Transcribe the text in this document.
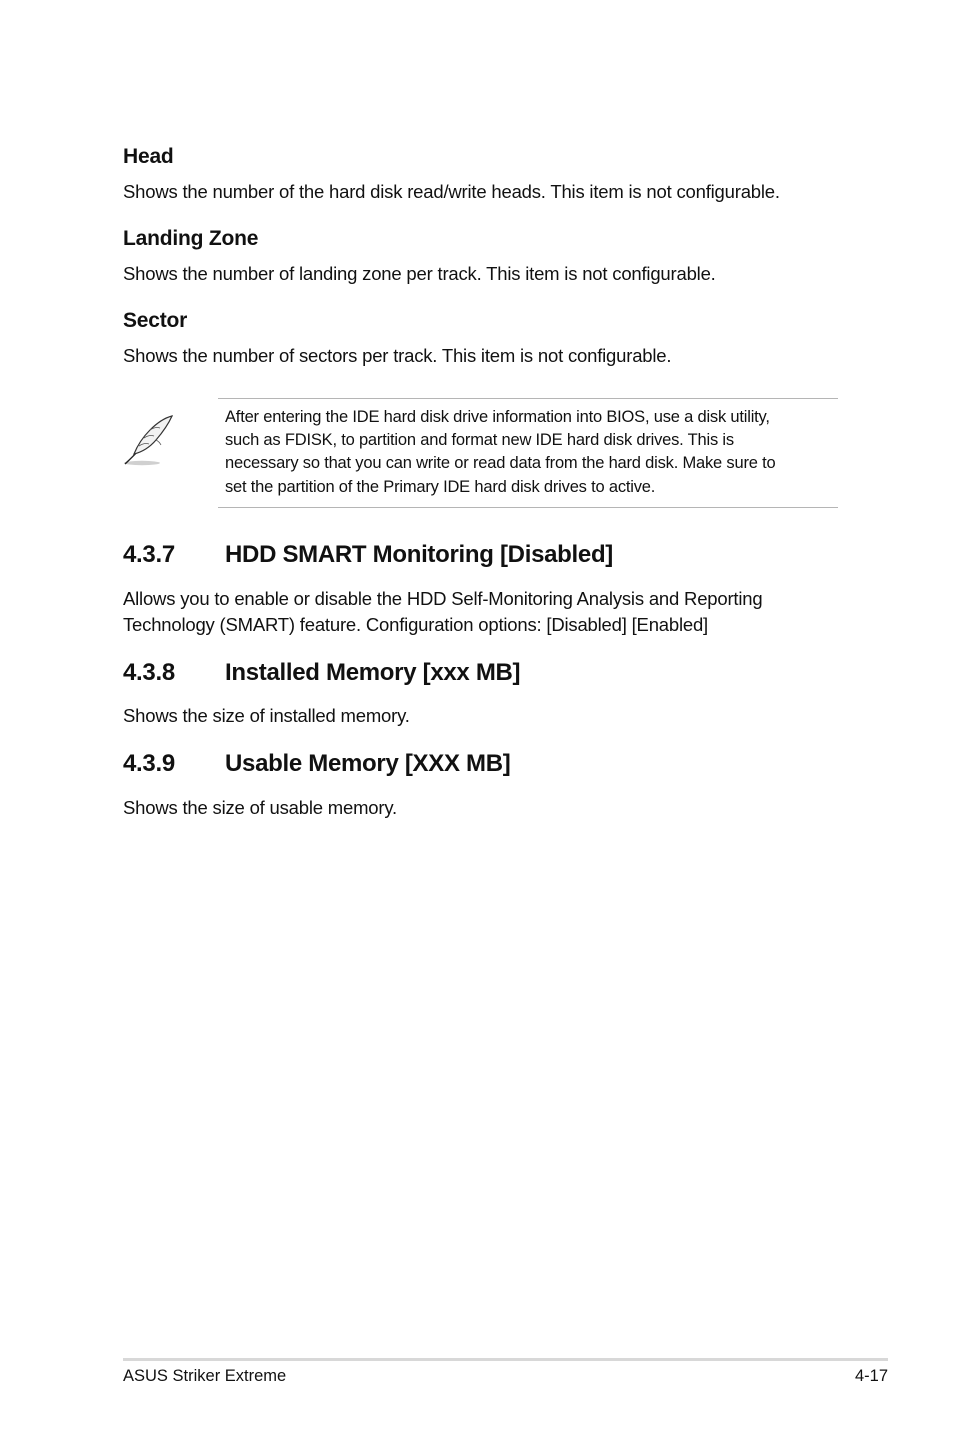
Head
Shows the number of the hard disk read/write heads. This item is not configurable.
Landing Zone
Shows the number of landing zone per track. This item is not configurable.
Sector
Shows the number of sectors per track. This item is not configurable.
After entering the IDE hard disk drive information into BIOS, use a disk utility,
such as FDISK, to partition and format new IDE hard disk drives. This is
necessary so that you can write or read data from the hard disk. Make sure to
set the partition of the Primary IDE hard disk drives to active.
4.3.7 HDD SMART Monitoring [Disabled]
Allows you to enable or disable the HDD Self-Monitoring Analysis and Reporting
Technology (SMART) feature. Configuration options: [Disabled] [Enabled]
4.3.8 Installed Memory [xxx MB]
Shows the size of installed memory.
4.3.9 Usable Memory [XXX MB]
Shows the size of usable memory.
ASUS Striker Extreme	4-17
